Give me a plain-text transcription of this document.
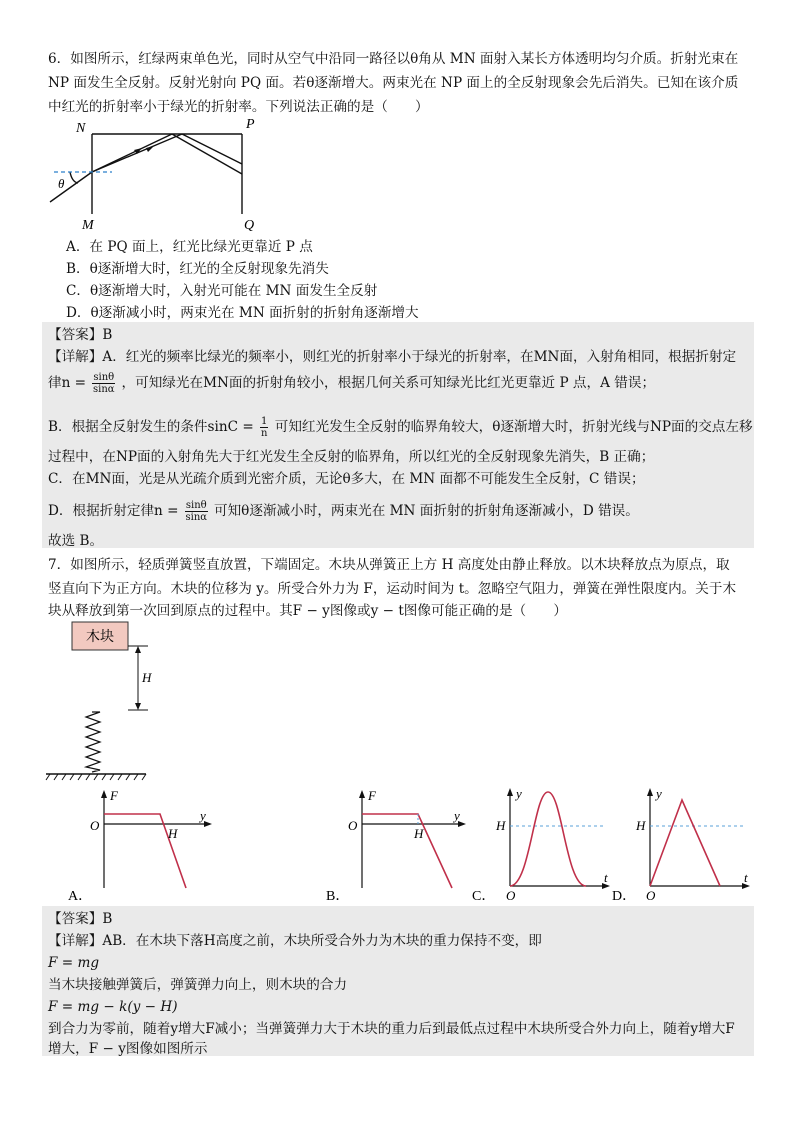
6．如图所示，红绿两束单色光，同时从空气中沿同一路径以θ角从 MN 面射入某长方体透明均匀介质。折射光束在
NP 面发生全反射。反射光射向 PQ 面。若θ逐渐增大。两束光在 NP 面上的全反射现象会先后消失。已知在该介质
中红光的折射率小于绿光的折射率。下列说法正确的是（　　）
N	P
M	Q
θ
A．在 PQ 面上，红光比绿光更靠近 P 点
B．θ逐渐增大时，红光的全反射现象先消失
C．θ逐渐增大时，入射光可能在 MN 面发生全反射
D．θ逐渐减小时，两束光在 MN 面折射的折射角逐渐增大
【答案】B
【详解】A．红光的频率比绿光的频率小，则红光的折射率小于绿光的折射率，在MN面，入射角相同，根据折射定
律$n = \frac{\sin\theta}{\sin\alpha}$ ，可知绿光在MN面的折射角较小，根据几何关系可知绿光比红光更靠近 P 点，A 错误；
B．根据全反射发生的条件$\sin C = \frac{1}{n}$ 可知红光发生全反射的临界角较大，θ逐渐增大时，折射光线与NP面的交点左移
过程中，在NP面的入射角先大于红光发生全反射的临界角，所以红光的全反射现象先消失，B 正确；
C．在MN面，光是从光疏介质到光密介质，无论θ多大，在 MN 面都不可能发生全反射，C 错误；
D．根据折射定律$n = \frac{\sin\theta}{\sin\alpha}$ 可知θ逐渐减小时，两束光在 MN 面折射的折射角逐渐减小，D 错误。
故选 B。
7．如图所示，轻质弹簧竖直放置，下端固定。木块从弹簧正上方 H 高度处由静止释放。以木块释放点为原点，取
竖直向下为正方向。木块的位移为 y。所受合外力为 F，运动时间为 t。忽略空气阻力，弹簧在弹性限度内。关于木
块从释放到第一次回到原点的过程中。其F − y图像或y − t图像可能正确的是（　　）
木块
H
F
y
O
H
A．
F
y
O
H
B．
y
t
O
H
C．
y
t
O
H
D．
【答案】B
【详解】AB．在木块下落H高度之前，木块所受合外力为木块的重力保持不变，即
F = mg
当木块接触弹簧后，弹簧弹力向上，则木块的合力
F = mg − k(y − H)
到合力为零前，随着y增大F减小；当弹簧弹力大于木块的重力后到最低点过程中木块所受合外力向上，随着y增大F
增大，F − y图像如图所示
